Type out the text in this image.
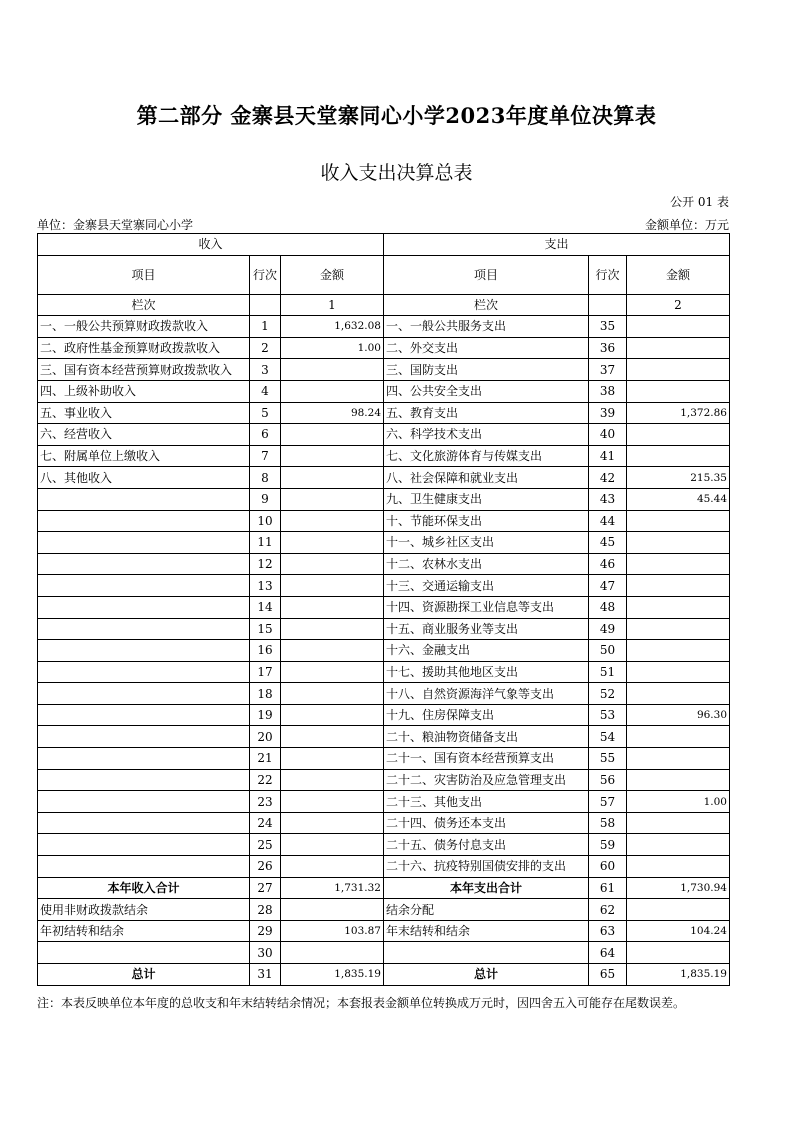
第二部分 金寨县天堂寨同心小学2023年度单位决算表
收入支出决算总表
公开 01 表
单位：金寨县天堂寨同心小学	金额单位：万元
收入			支出		
项目	行次	金额	项目	行次	金额
栏次		1	栏次		2
一、一般公共预算财政拨款收入	1	1,632.08	一、一般公共服务支出	35	
二、政府性基金预算财政拨款收入	2	1.00	二、外交支出	36	
三、国有资本经营预算财政拨款收入	3		三、国防支出	37	
四、上级补助收入	4		四、公共安全支出	38	
五、事业收入	5	98.24	五、教育支出	39	1,372.86
六、经营收入	6		六、科学技术支出	40	
七、附属单位上缴收入	7		七、文化旅游体育与传媒支出	41	
八、其他收入	8		八、社会保障和就业支出	42	215.35
	9		九、卫生健康支出	43	45.44
	10		十、节能环保支出	44	
	11		十一、城乡社区支出	45	
	12		十二、农林水支出	46	
	13		十三、交通运输支出	47	
	14		十四、资源勘探工业信息等支出	48	
	15		十五、商业服务业等支出	49	
	16		十六、金融支出	50	
	17		十七、援助其他地区支出	51	
	18		十八、自然资源海洋气象等支出	52	
	19		十九、住房保障支出	53	96.30
	20		二十、粮油物资储备支出	54	
	21		二十一、国有资本经营预算支出	55	
	22		二十二、灾害防治及应急管理支出	56	
	23		二十三、其他支出	57	1.00
	24		二十四、债务还本支出	58	
	25		二十五、债务付息支出	59	
	26		二十六、抗疫特别国债安排的支出	60	
本年收入合计	27	1,731.32	本年支出合计	61	1,730.94
使用非财政拨款结余	28		结余分配	62	
年初结转和结余	29	103.87	年末结转和结余	63	104.24
	30			64	
总计	31	1,835.19	总计	65	1,835.19
注：本表反映单位本年度的总收支和年末结转结余情况；本套报表金额单位转换成万元时，因四舍五入可能存在尾数误差。
